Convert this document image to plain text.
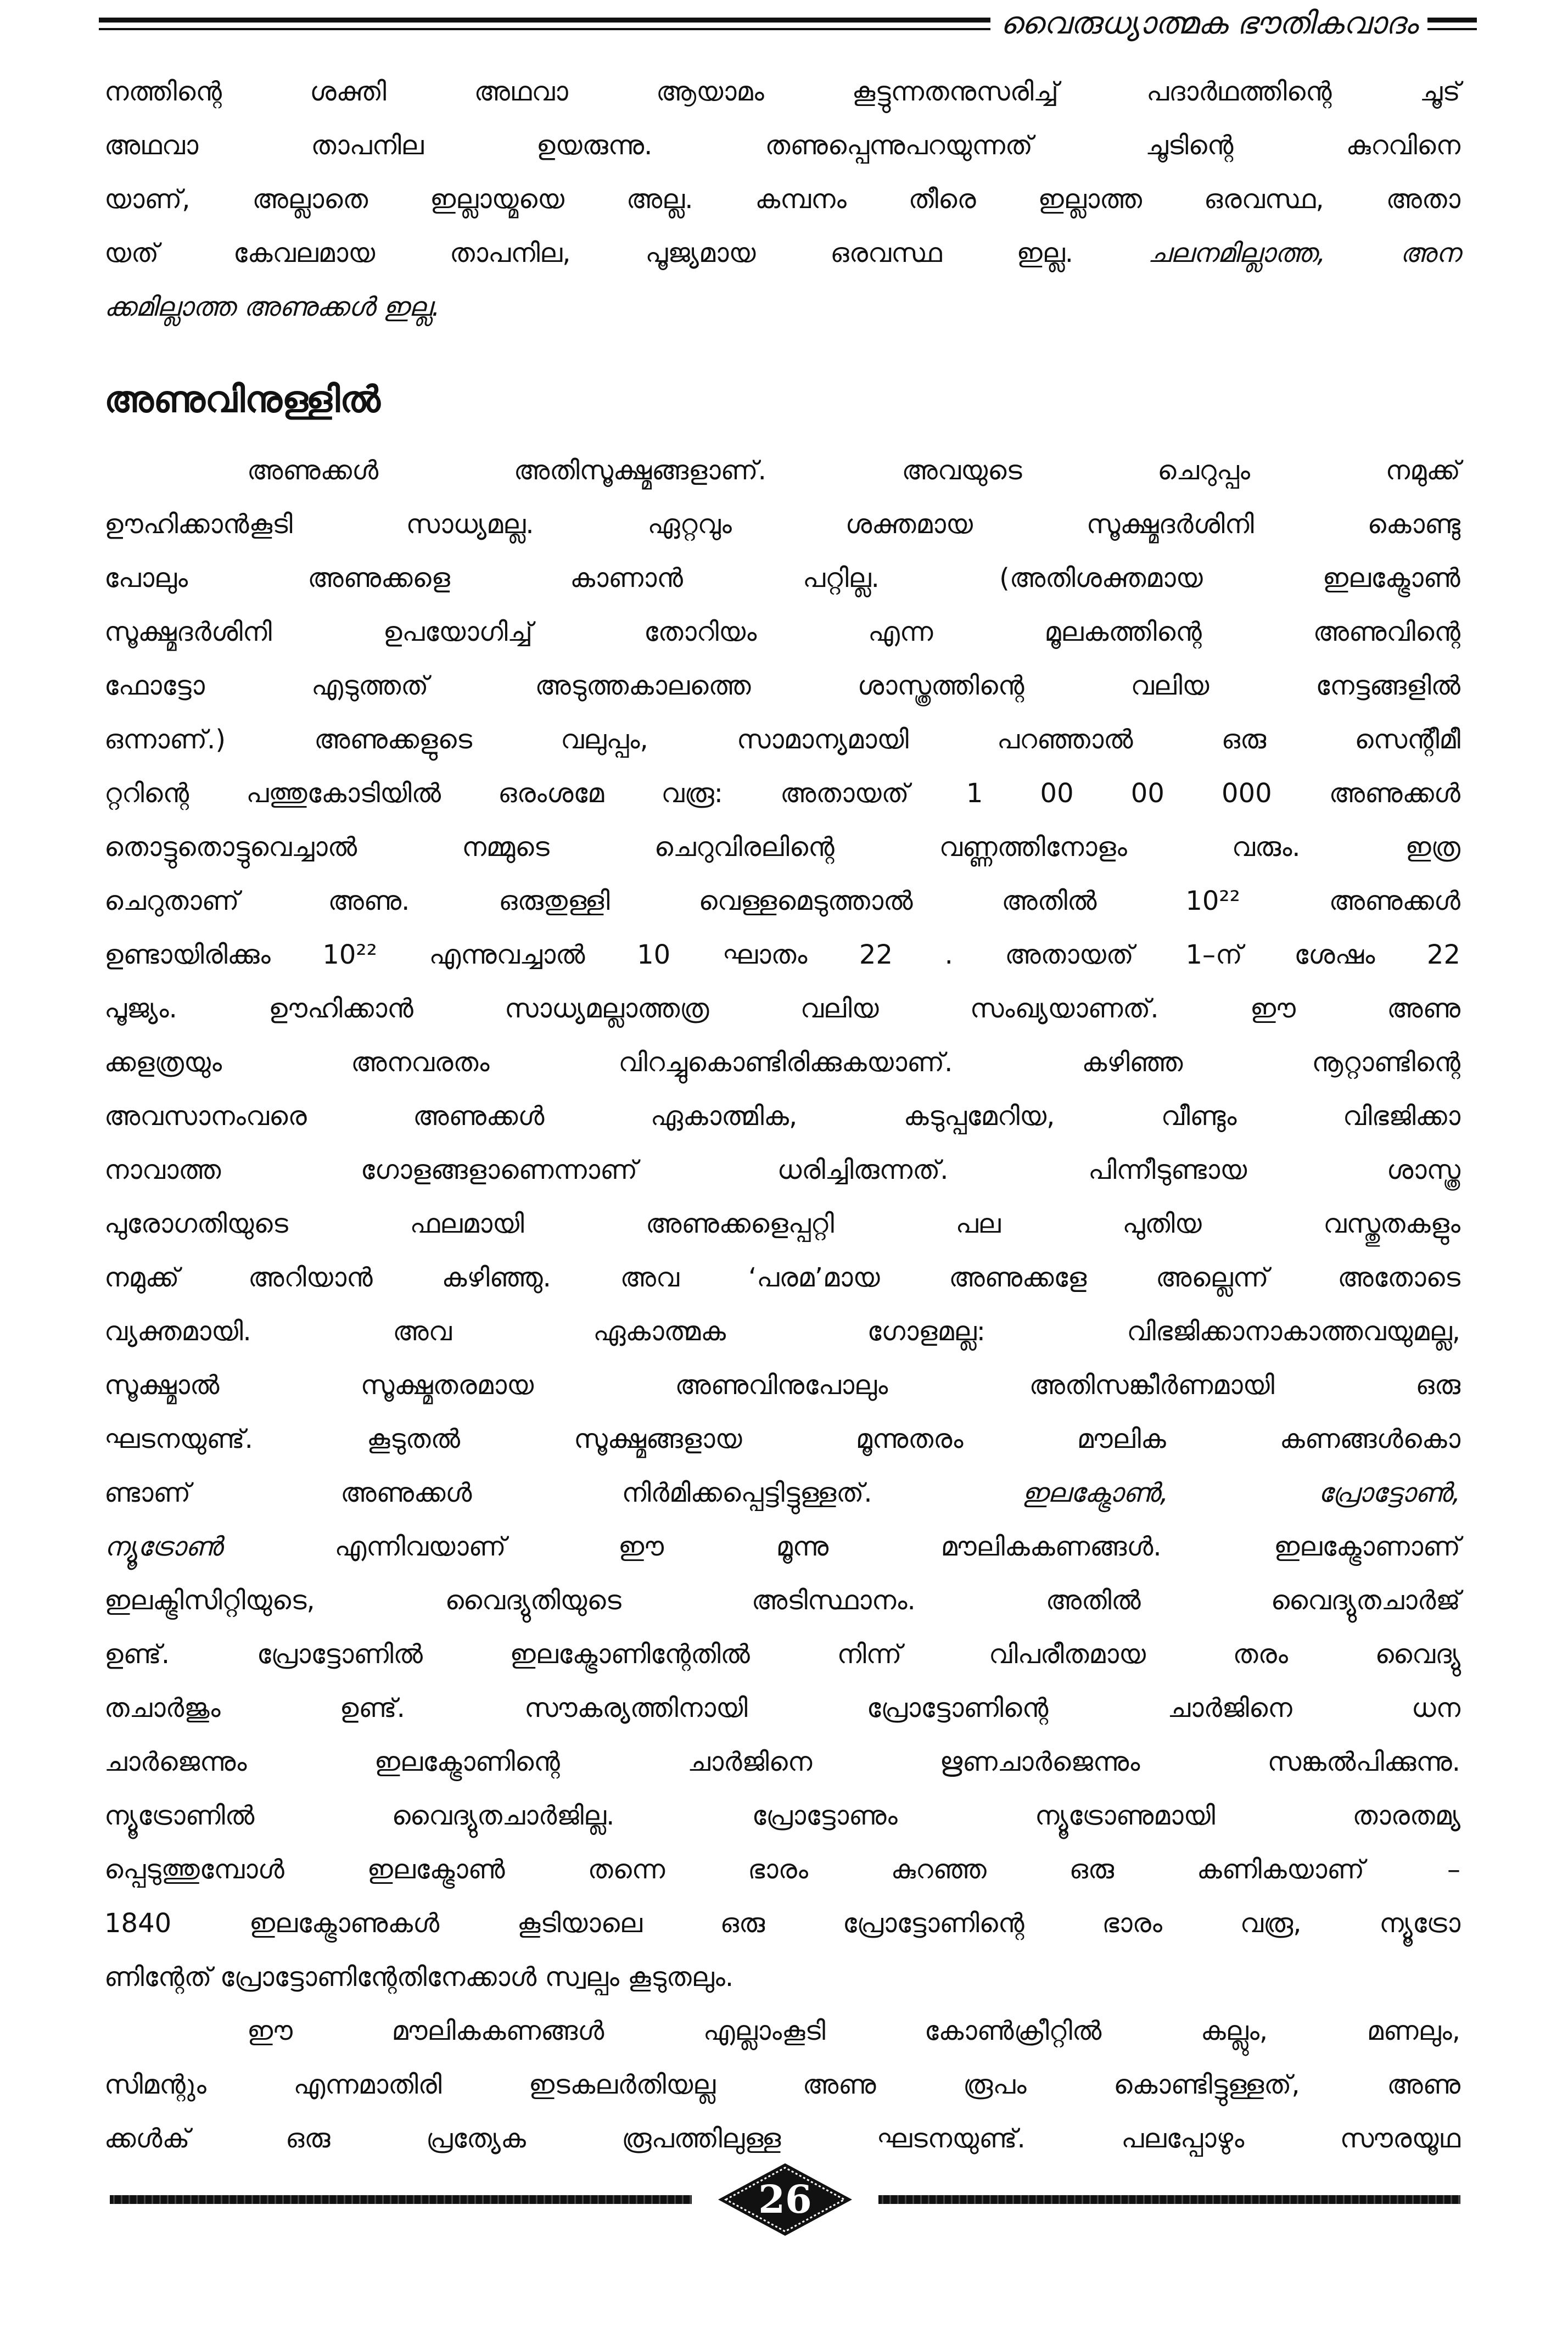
വൈരുധ്യാത്മക ഭൗതികവാദം
നത്തിന്റെ ശക്തി അഥവാ ആയാമം കൂട്ടുന്നതനുസരിച്ച് പദാർഥത്തിന്റെ ചൂട്
അഥവാ താപനില ഉയരുന്നു. തണുപ്പെന്നുപറയുന്നത് ചൂടിന്റെ കുറവിനെ
യാണ്, അല്ലാതെ ഇല്ലായ്മയെ അല്ല. കമ്പനം തീരെ ഇല്ലാത്ത ഒരവസ്ഥ, അതാ
യത് കേവലമായ താപനില, പൂജ്യമായ ഒരവസ്ഥ ഇല്ല.	ചലനമില്ലാത്ത, അന
ക്കമില്ലാത്ത അണുക്കൾ ഇല്ല.
അണുവിനുള്ളിൽ
അണുക്കൾ അതിസൂക്ഷ്മങ്ങളാണ്. അവയുടെ ചെറുപ്പം നമുക്ക്
ഊഹിക്കാൻകൂടി സാധ്യമല്ല. ഏറ്റവും ശക്തമായ സൂക്ഷ്മദർശിനി കൊണ്ടു
പോലും അണുക്കളെ കാണാൻ പറ്റില്ല. (അതിശക്തമായ ഇലക്ട്രോൺ
സൂക്ഷ്മദർശിനി ഉപയോഗിച്ച് തോറിയം എന്ന മൂലകത്തിന്റെ അണുവിന്റെ
ഫോട്ടോ എടുത്തത് അടുത്തകാലത്തെ ശാസ്ത്രത്തിന്റെ വലിയ നേട്ടങ്ങളിൽ
ഒന്നാണ്.) അണുക്കളുടെ വലുപ്പം, സാമാന്യമായി പറഞ്ഞാൽ ഒരു സെന്റീമീ
റ്ററിന്റെ പത്തുകോടിയിൽ ഒരംശമേ വരൂ: അതായത് 1 00 00 000 അണുക്കൾ
തൊട്ടുതൊട്ടുവെച്ചാൽ നമ്മുടെ ചെറുവിരലിന്റെ വണ്ണത്തിനോളം വരും. ഇത്ര
ചെറുതാണ് അണു. ഒരുതുള്ളി വെള്ളമെടുത്താൽ അതിൽ 10²² അണുക്കൾ
ഉണ്ടായിരിക്കും 10²² എന്നുവച്ചാൽ 10 ഘാതം 22 . അതായത് 1–ന് ശേഷം 22
പൂജ്യം. ഊഹിക്കാൻ സാധ്യമല്ലാത്തത്ര വലിയ സംഖ്യയാണത്. ഈ അണു
ക്കളത്രയും അനവരതം വിറച്ചുകൊണ്ടിരിക്കുകയാണ്. കഴിഞ്ഞ നൂറ്റാണ്ടിന്റെ
അവസാനംവരെ അണുക്കൾ ഏകാത്മിക, കടുപ്പമേറിയ, വീണ്ടും വിഭജിക്കാ
നാവാത്ത ഗോളങ്ങളാണെന്നാണ് ധരിച്ചിരുന്നത്. പിന്നീടുണ്ടായ ശാസ്ത്ര
പുരോഗതിയുടെ ഫലമായി അണുക്കളെപ്പറ്റി പല പുതിയ വസ്തുതകളും
നമുക്ക് അറിയാൻ കഴിഞ്ഞു. അവ ‘പരമ’മായ അണുക്കളേ അല്ലെന്ന് അതോടെ
വ്യക്തമായി. അവ ഏകാത്മക ഗോളമല്ല: വിഭജിക്കാനാകാത്തവയുമല്ല,
സൂക്ഷ്മാൽ സൂക്ഷ്മതരമായ അണുവിനുപോലും അതിസങ്കീർണമായി ഒരു
ഘടനയുണ്ട്. കൂടുതൽ സൂക്ഷ്മങ്ങളായ മൂന്നുതരം മൗലിക കണങ്ങൾകൊ
ണ്ടാണ് അണുക്കൾ നിർമിക്കപ്പെട്ടിട്ടുള്ളത്.	ഇലക്ട്രോൺ, പ്രോട്ടോൺ,
ന്യൂട്രോൺ	എന്നിവയാണ് ഈ മൂന്നു മൗലികകണങ്ങൾ. ഇലക്ട്രോണാണ്
ഇലക്ട്രിസിറ്റിയുടെ, വൈദ്യുതിയുടെ അടിസ്ഥാനം. അതിൽ വൈദ്യുതചാർജ്
ഉണ്ട്. പ്രോട്ടോണിൽ ഇലക്ട്രോണിന്റേതിൽ നിന്ന് വിപരീതമായ തരം വൈദ്യു
തചാർജും ഉണ്ട്. സൗകര്യത്തിനായി പ്രോട്ടോണിന്റെ ചാർജിനെ ധന
ചാർജെന്നും ഇലക്ട്രോണിന്റെ ചാർജിനെ ഋണചാർജെന്നും സങ്കൽപിക്കുന്നു.
ന്യൂട്രോണിൽ വൈദ്യുതചാർജില്ല. പ്രോട്ടോണും ന്യൂട്രോണുമായി താരതമ്യ
പ്പെടുത്തുമ്പോൾ ഇലക്ട്രോൺ തന്നെ ഭാരം കുറഞ്ഞ ഒരു കണികയാണ് –
1840 ഇലക്ട്രോണുകൾ കൂടിയാലെ ഒരു പ്രോട്ടോണിന്റെ ഭാരം വരൂ, ന്യൂട്രോ
ണിന്റേത് പ്രോട്ടോണിന്റേതിനേക്കാൾ സ്വല്പം കൂടുതലും.
ഈ മൗലികകണങ്ങൾ എല്ലാംകൂടി കോൺക്രീറ്റിൽ കല്ലും, മണലും,
സിമന്റും എന്നമാതിരി ഇടകലർതിയല്ല അണു രൂപം കൊണ്ടിട്ടുള്ളത്, അണു
ക്കൾക് ഒരു പ്രത്യേക രൂപത്തിലുള്ള ഘടനയുണ്ട്. പലപ്പോഴും സൗരയൂഥ
26
